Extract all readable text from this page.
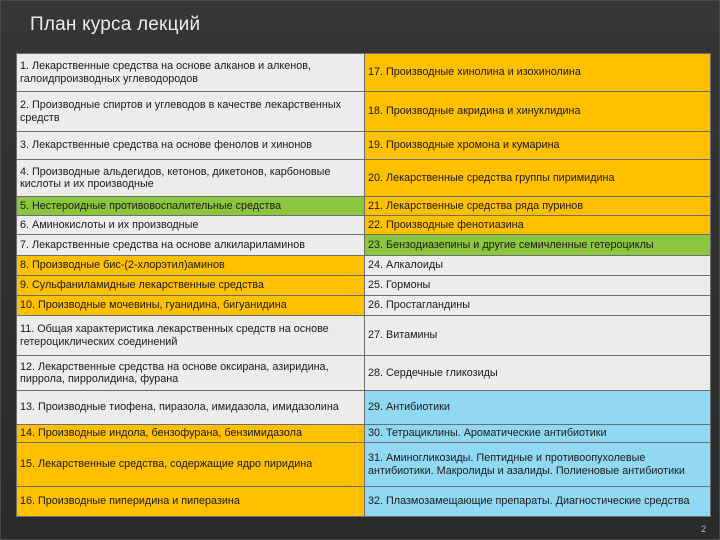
План курса лекций
1. Лекарственные средства на основе алканов и алкенов, галоидпроизводных углеводородов	17. Производные хинолина и изохинолина
2. Производные спиртов и углеводов в качестве лекарственных средств	18. Производные акридина и хинуклидина
3. Лекарственные средства на основе фенолов и хинонов	19. Производные хромона и кумарина
4. Производные альдегидов, кетонов, дикетонов, карбоновые кислоты и их производные	20. Лекарственные средства группы пиримидина
5. Нестероидные противовоспалительные средства	21. Лекарственные средства ряда пуринов
6. Аминокислоты и их производные	22. Производные фенотиазина
7. Лекарственные средства на основе алкиларилaминов	23. Бензодиазепины и другие семичленные гетероциклы
8. Производные бис-(2-хлорэтил)аминов	24. Алкалоиды
9. Сульфаниламидные лекарственные средства	25. Гормоны
10. Производные мочевины, гуанидина, бигуанидина	26. Простагландины
11. Общая характеристика лекарственных средств на основе гетероциклических соединений	27. Витамины
12. Лекарственные средства на основе оксирана, азиридина, пиррола, пирролидина, фурана	28. Сердечные гликозиды
13. Производные тиофена, пиразола, имидазола, имидазолина	29. Антибиотики
14. Производные индола, бензофурана, бензимидазола	30. Тетрациклины. Ароматические антибиотики
15. Лекарственные средства, содержащие ядро пиридина	31. Аминогликозиды. Пептидные и противоопухолевые антибиотики. Макролиды и азалиды. Полиеновые антибиотики
16. Производные пиперидина и пиперазина	32. Плазмозамещающие препараты. Диагностические средства
2
